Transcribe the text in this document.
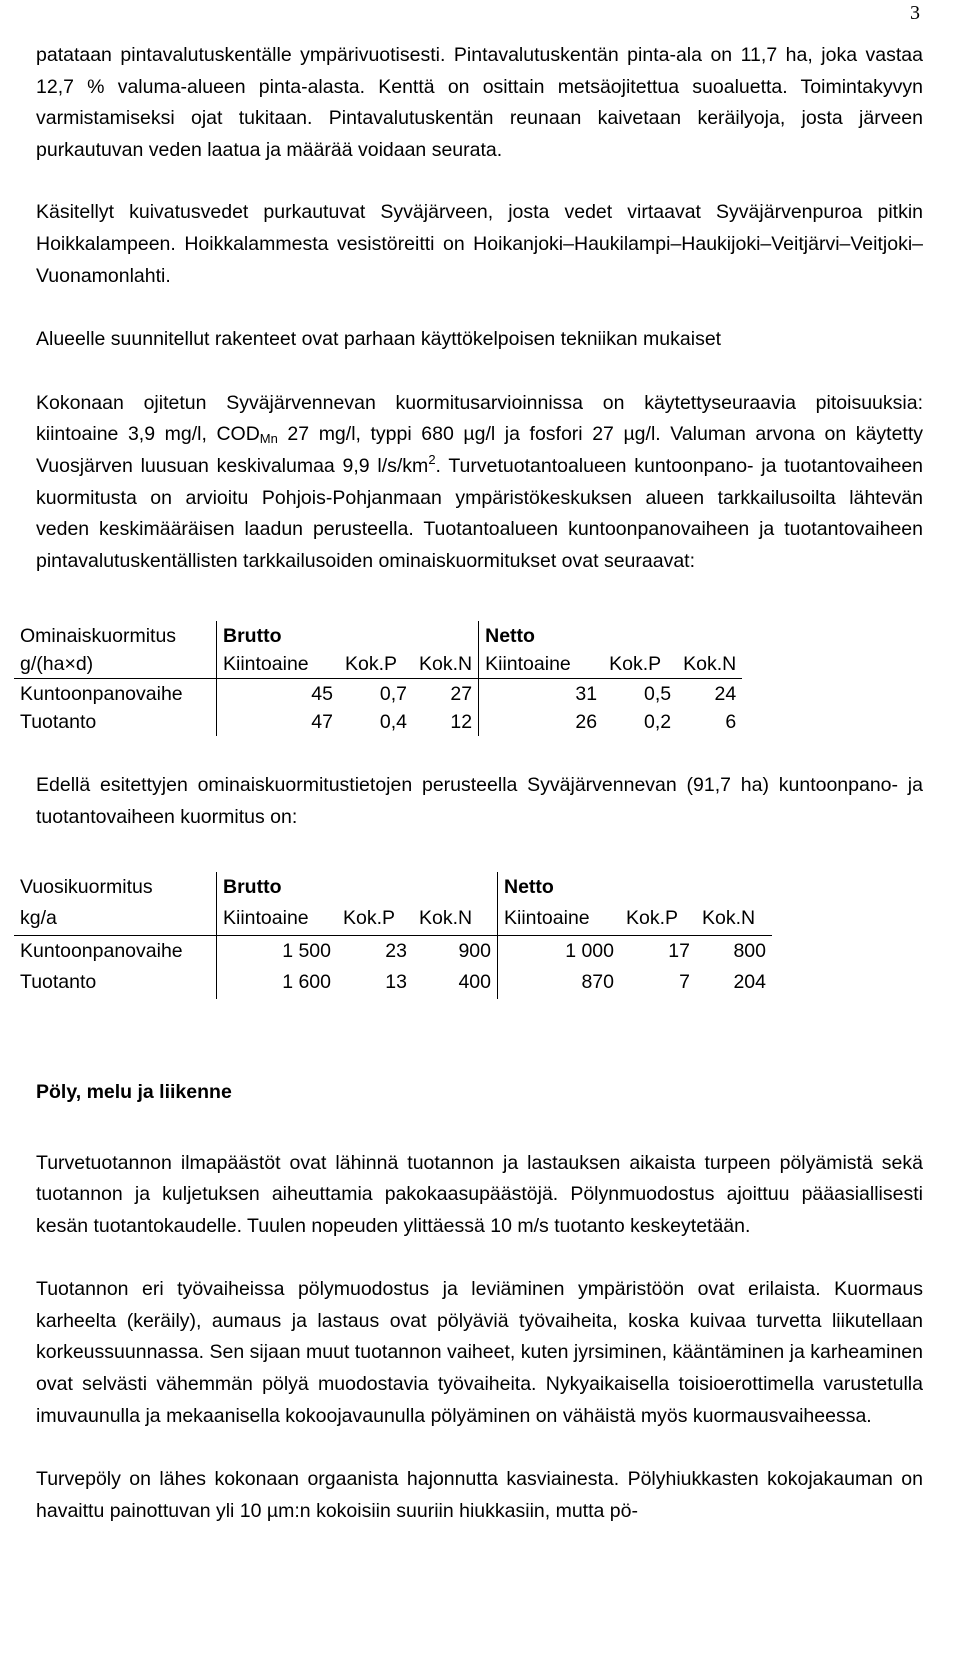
3

patataan pintavalutuskentälle ympärivuotisesti. Pintavalutuskentän pinta-ala on 11,7 ha, joka vastaa 12,7 % valuma-alueen pinta-alasta. Kenttä on osittain metsäojitettua suoaluetta. Toimintakyvyn varmistamiseksi ojat tukitaan. Pintavalutuskentän reunaan kaivetaan keräilyoja, josta järveen purkautuvan veden laatua ja määrää voidaan seurata.

Käsitellyt kuivatusvedet purkautuvat Syväjärveen, josta vedet virtaavat Syväjärvenpuroa pitkin Hoikkalampeen. Hoikkalammesta vesistöreitti on Hoikanjoki–Haukilampi–Haukijoki–Veitjärvi–Veitjoki–Vuonamonlahti.

Alueelle suunnitellut rakenteet ovat parhaan käyttökelpoisen tekniikan mukaiset

Kokonaan ojitetun Syväjärvennevan kuormitusarvioinnissa on käytettyseuraavia pitoisuuksia: kiintoaine 3,9 mg/l, $COD_{Mn}$ 27 mg/l, typpi 680 µg/l ja fosfori 27 µg/l. Valuman arvona on käytetty Vuosjärven luusuan keskivalumaa 9,9 $l/s/km^2$. Turvetuotantoalueen kuntoonpano- ja tuotantovaiheen kuormitusta on arvioitu Pohjois-Pohjanmaan ympäristökeskuksen alueen tarkkailusoilta lähtevän veden keskimääräisen laadun perusteella. Tuotantoalueen kuntoonpanovaiheen ja tuotantovaiheen pintavalutuskentällisten tarkkailusoiden ominaiskuormitukset ovat seuraavat:

Ominaiskuormitus	Brutto			Netto		
g/(ha×d)	Kiintoaine	Kok.P	Kok.N	Kiintoaine	Kok.P	Kok.N
Kuntoonpanovaihe	45	0,7	27	31	0,5	24
Tuotanto	47	0,4	12	26	0,2	6

Edellä esitettyjen ominaiskuormitustietojen perusteella Syväjärvennevan (91,7 ha) kuntoonpano- ja tuotantovaiheen kuormitus on:

Vuosikuormitus	Brutto			Netto		
kg/a	Kiintoaine	Kok.P	Kok.N	Kiintoaine	Kok.P	Kok.N
Kuntoonpanovaihe	1 500	23	900	1 000	17	800
Tuotanto	1 600	13	400	870	7	204
Pöly, melu ja liikenne

Turvetuotannon ilmapäästöt ovat lähinnä tuotannon ja lastauksen aikaista turpeen pölyämistä sekä tuotannon ja kuljetuksen aiheuttamia pakokaasupäästöjä. Pölynmuodostus ajoittuu pääasiallisesti kesän tuotantokaudelle. Tuulen nopeuden ylittäessä 10 m/s tuotanto keskeytetään.

Tuotannon eri työvaiheissa pölymuodostus ja leviäminen ympäristöön ovat erilaista. Kuormaus karheelta (keräily), aumaus ja lastaus ovat pölyäviä työvaiheita, koska kuivaa turvetta liikutellaan korkeussuunnassa. Sen sijaan muut tuotannon vaiheet, kuten jyrsiminen, kääntäminen ja karheaminen ovat selvästi vähemmän pölyä muodostavia työvaiheita. Nykyaikaisella toisioerottimella varustetulla imuvaunulla ja mekaanisella kokoojavaunulla pölyäminen on vähäistä myös kuormausvaiheessa.

Turvepöly on lähes kokonaan orgaanista hajonnutta kasviainesta. Pölyhiukkasten kokojakauman on havaittu painottuvan yli 10 µm:n kokoisiin suuriin hiukkasiin, mutta pö-
